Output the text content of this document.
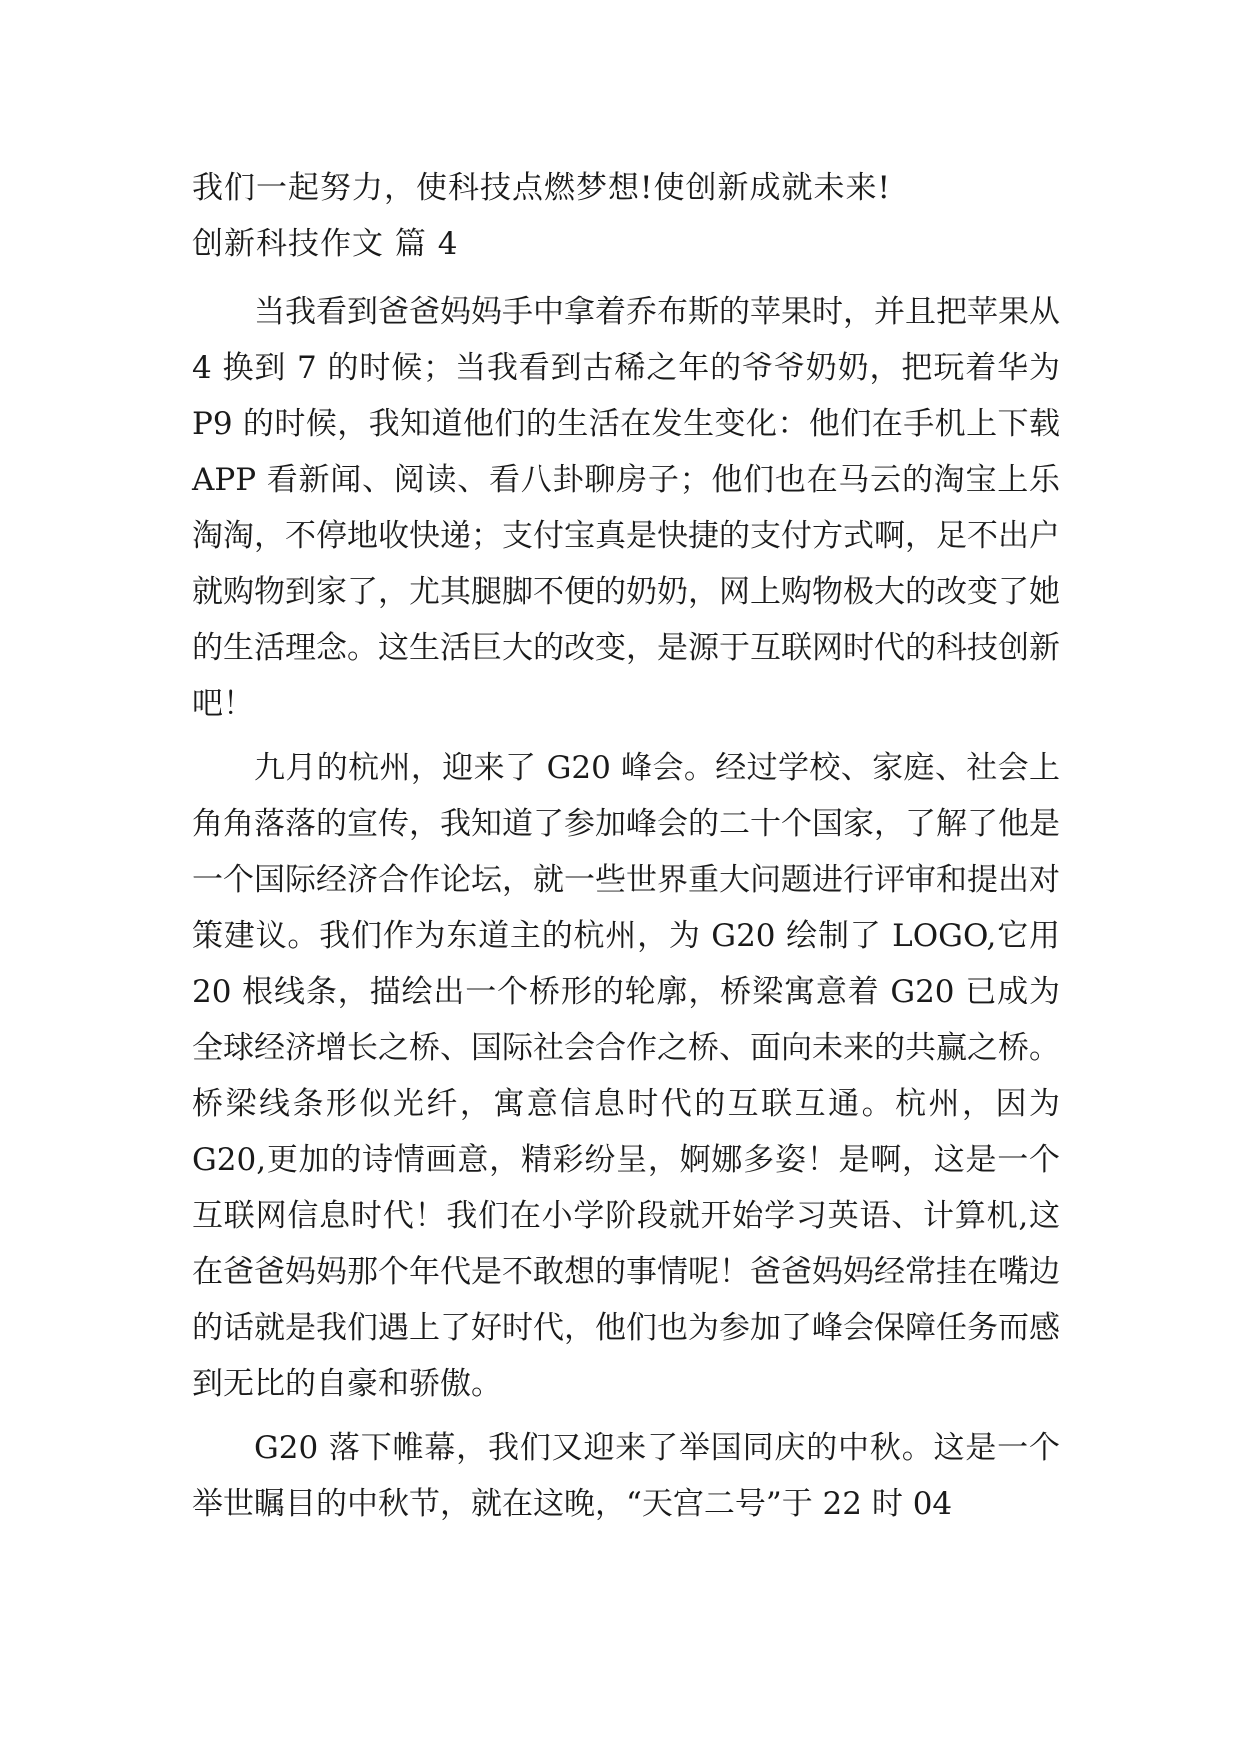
我们一起努力，使科技点燃梦想!使创新成就未来!
创新科技作文 篇 4

当我看到爸爸妈妈手中拿着乔布斯的苹果时，并且把苹果从 4 换到 7 的时候；当我看到古稀之年的爷爷奶奶，把玩着华为 P9 的时候，我知道他们的生活在发生变化：他们在手机上下载 APP 看新闻、阅读、看八卦聊房子；他们也在马云的淘宝上乐淘淘，不停地收快递；支付宝真是快捷的支付方式啊，足不出户就购物到家了，尤其腿脚不便的奶奶，网上购物极大的改变了她的生活理念。这生活巨大的改变，是源于互联网时代的科技创新吧！

九月的杭州，迎来了 G20 峰会。经过学校、家庭、社会上角角落落的宣传，我知道了参加峰会的二十个国家，了解了他是一个国际经济合作论坛，就一些世界重大问题进行评审和提出对策建议。我们作为东道主的杭州，为 G20 绘制了 LOGO,它用 20 根线条，描绘出一个桥形的轮廓，桥梁寓意着 G20 已成为全球经济增长之桥、国际社会合作之桥、面向未来的共赢之桥。桥梁线条形似光纤，寓意信息时代的互联互通。杭州，因为 G20,更加的诗情画意，精彩纷呈，婀娜多姿！是啊，这是一个互联网信息时代！我们在小学阶段就开始学习英语、计算机,这在爸爸妈妈那个年代是不敢想的事情呢！爸爸妈妈经常挂在嘴边的话就是我们遇上了好时代，他们也为参加了峰会保障任务而感到无比的自豪和骄傲。

G20 落下帷幕，我们又迎来了举国同庆的中秋。这是一个举世瞩目的中秋节，就在这晚，“天宫二号”于 22 时 04
